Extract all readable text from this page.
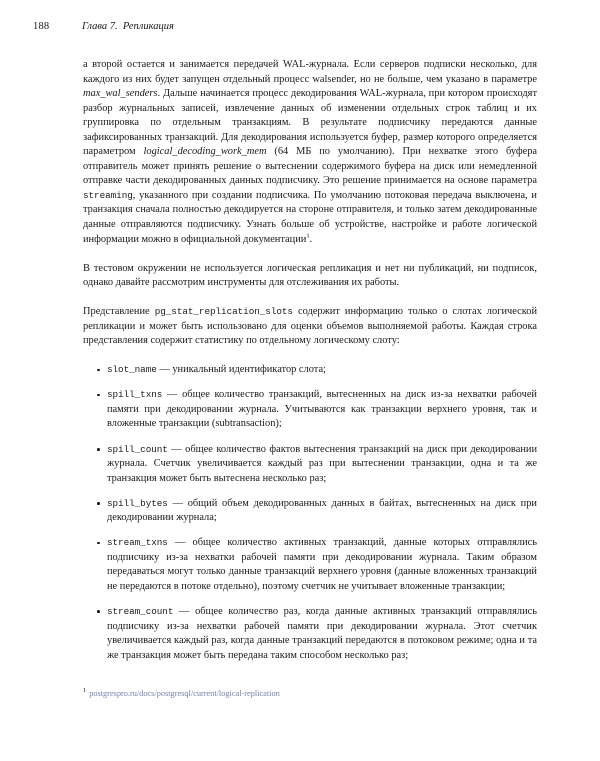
188	Глава 7.  Репликация

а второй остается и занимается передачей WAL-журнала. Если серверов подписки несколько, для каждого из них будет запущен отдельный процесс walsender, но не больше, чем указано в параметре max_wal_senders. Дальше начинается процесс декодирования WAL-журнала, при котором происходят разбор журнальных записей, извлечение данных об изменении отдельных строк таблиц и их группировка по отдельным транзакциям. В результате подписчику передаются данные зафиксированных транзакций. Для декодирования используется буфер, размер которого определяется параметром logical_decoding_work_mem (64 МБ по умолчанию). При нехватке этого буфера отправитель может принять решение о вытеснении содержимого буфера на диск или немедленной отправке части декодированных данных подписчику. Это решение принимается на основе параметра streaming, указанного при создании подписчика. По умолчанию потоковая передача выключена, и транзакция сначала полностью декодируется на стороне отправителя, и только затем декодированные данные отправляются подписчику. Узнать больше об устройстве, настройке и работе логической информации можно в официальной документации$^1$.

В тестовом окружении не используется логическая репликация и нет ни публикаций, ни подписок, однако давайте рассмотрим инструменты для отслеживания их работы.

Представление pg_stat_replication_slots содержит информацию только о слотах логической репликации и может быть использовано для оценки объемов выполняемой работы. Каждая строка представления содержит статистику по отдельному логическому слоту:

slot_name — уникальный идентификатор слота;
spill_txns — общее количество транзакций, вытесненных на диск из-за нехватки рабочей памяти при декодировании журнала. Учитываются как транзакции верхнего уровня, так и вложенные транзакции (subtransaction);
spill_count — общее количество фактов вытеснения транзакций на диск при декодировании журнала. Счетчик увеличивается каждый раз при вытеснении транзакции, одна и та же транзакция может быть вытеснена несколько раз;
spill_bytes — общий объем декодированных данных в байтах, вытесненных на диск при декодировании журнала;
stream_txns — общее количество активных транзакций, данные которых отправлялись подписчику из-за нехватки рабочей памяти при декодировании журнала. Таким образом передаваться могут только данные транзакций верхнего уровня (данные вложенных транзакций не передаются в потоке отдельно), поэтому счетчик не учитывает вложенные транзакции;
stream_count — общее количество раз, когда данные активных транзакций отправлялись подписчику из-за нехватки рабочей памяти при декодировании журнала. Этот счетчик увеличивается каждый раз, когда данные транзакций передаются в потоковом режиме; одна и та же транзакция может быть передана таким способом несколько раз;
$^1$ postgrespro.ru/docs/postgresql/current/logical-replication
